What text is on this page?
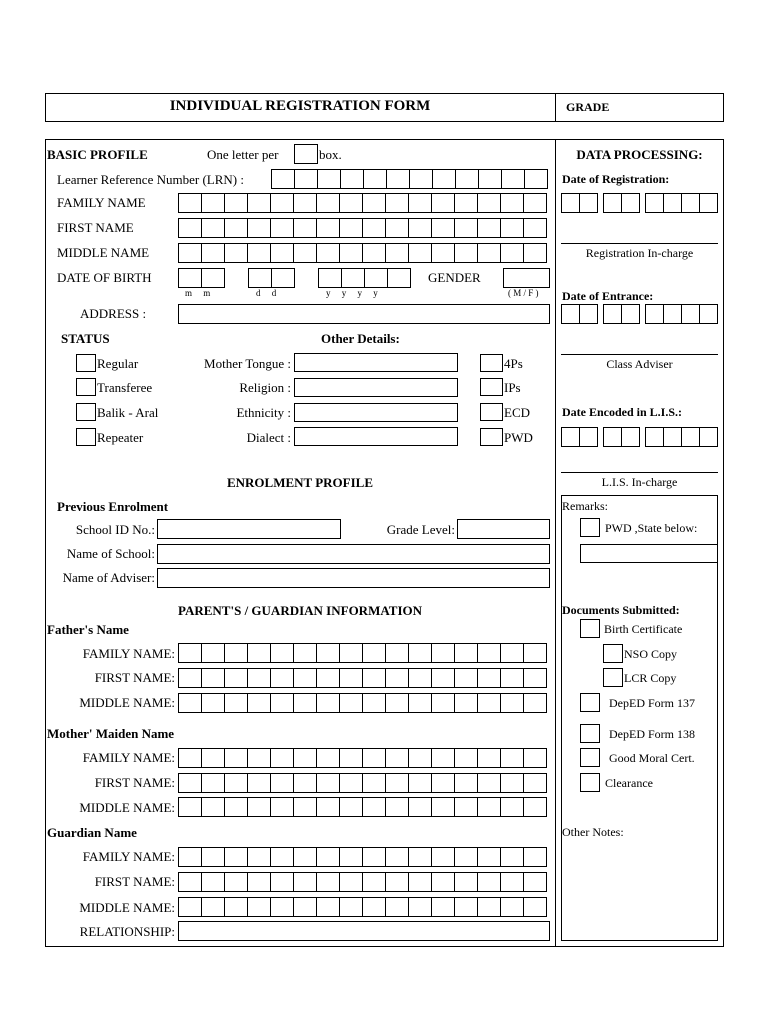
INDIVIDUAL REGISTRATION FORM	GRADE
BASIC PROFILE	One letter per	box.
Learner Reference Number (LRN) :
FAMILY NAME
FIRST NAME
MIDDLE NAME
DATE OF BIRTH
m     m	d     d	y     y     y     y
GENDER
( M / F )
ADDRESS :
STATUS	Other Details:
Regular
Transferee
Balik - Aral
Repeater
Mother Tongue :
Religion :
Ethnicity :
Dialect :
4Ps
IPs
ECD
PWD
ENROLMENT PROFILE
Previous Enrolment
School ID No.:	Grade Level:
Name of School:
Name of Adviser:
PARENT'S / GUARDIAN INFORMATION
Father's Name
FAMILY NAME:
FIRST NAME:
MIDDLE NAME:
Mother' Maiden Name
FAMILY NAME:
FIRST NAME:
MIDDLE NAME:
Guardian Name
FAMILY NAME:
FIRST NAME:
MIDDLE NAME:
RELATIONSHIP:
DATA PROCESSING:
Date of Registration:
Registration In-charge
Date of Entrance:
Class Adviser
Date Encoded in L.I.S.:
L.I.S. In-charge
Remarks:
PWD ,State below:
Documents Submitted:
Birth Certificate
NSO Copy
LCR Copy
DepED Form 137
DepED Form 138
Good Moral Cert.
Clearance
Other Notes:
